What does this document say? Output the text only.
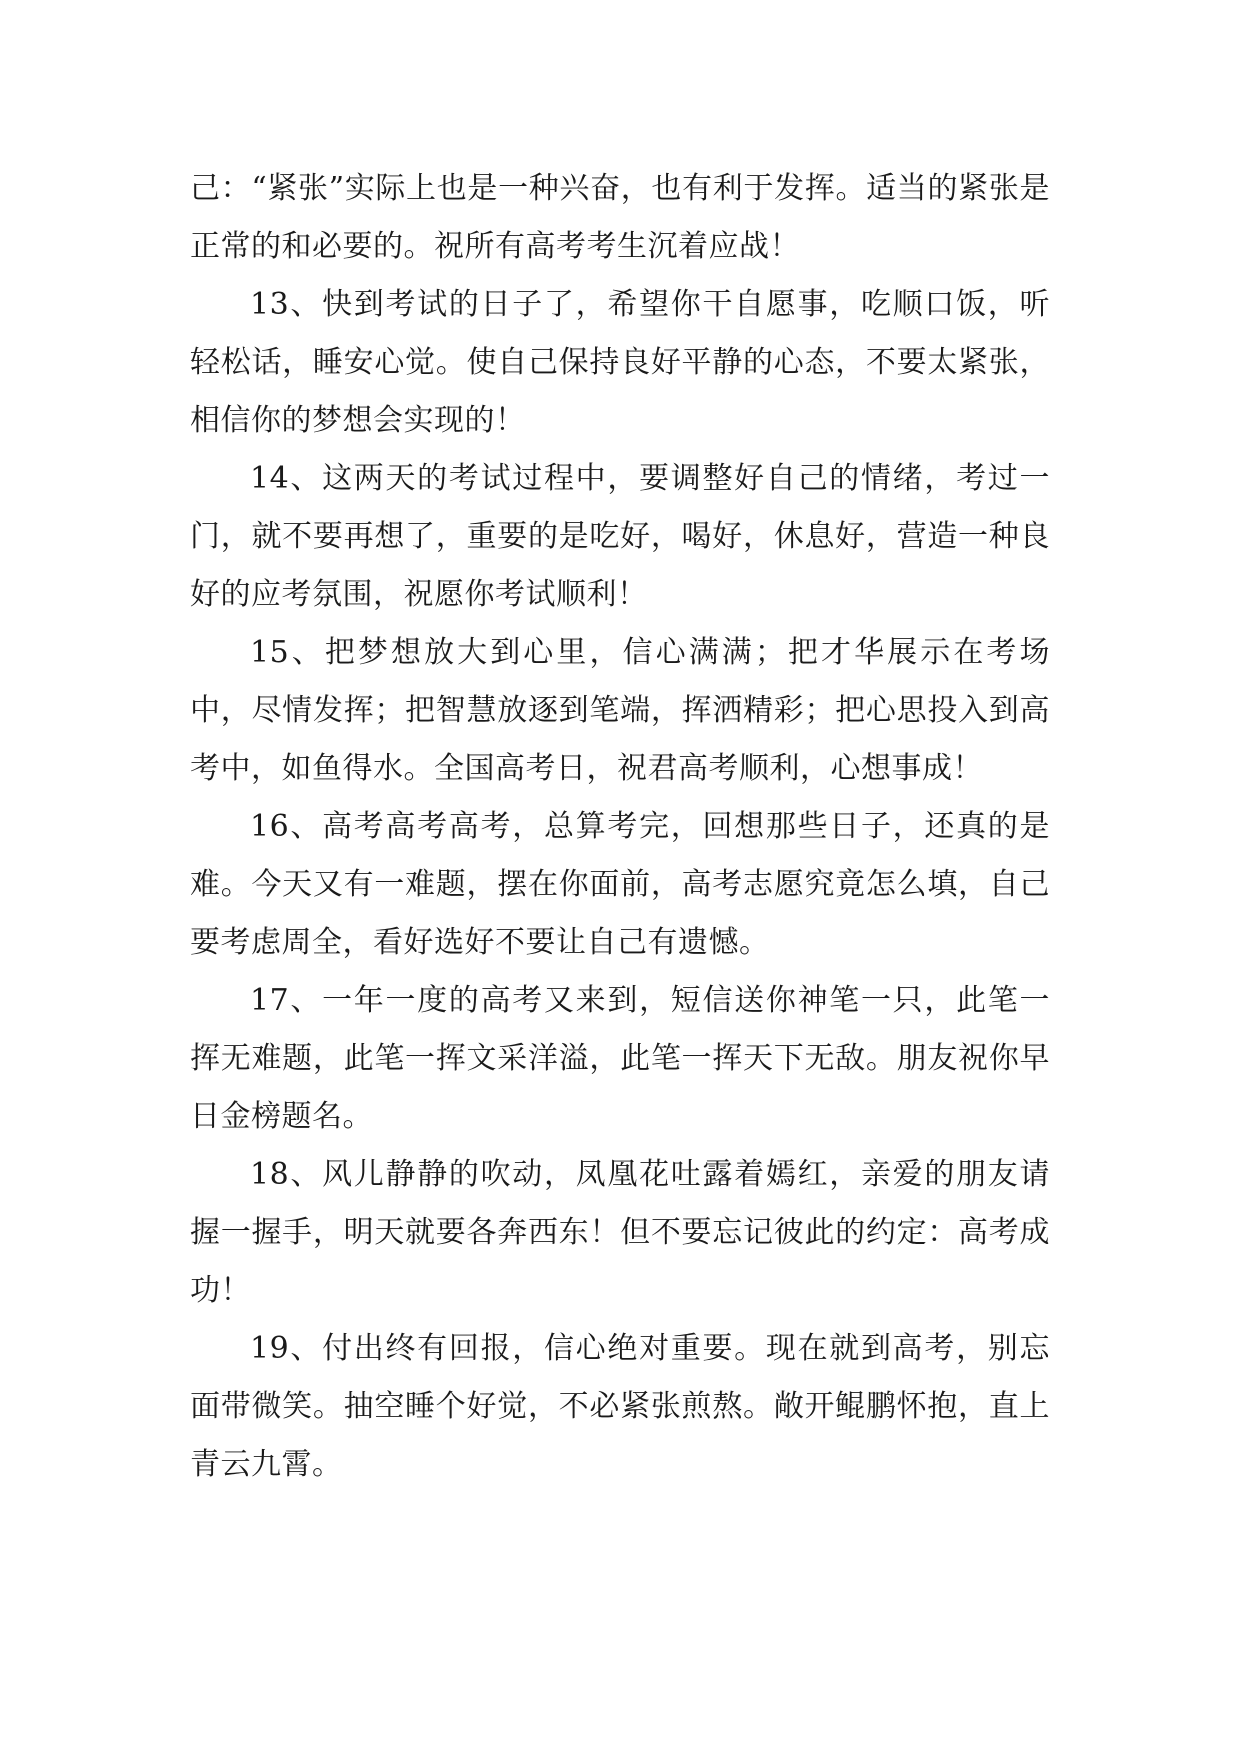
己：“紧张”实际上也是一种兴奋，也有利于发挥。适当的紧张是正常的和必要的。祝所有高考考生沉着应战！

13、快到考试的日子了，希望你干自愿事，吃顺口饭，听轻松话，睡安心觉。使自己保持良好平静的心态，不要太紧张，相信你的梦想会实现的！

14、这两天的考试过程中，要调整好自己的情绪，考过一门，就不要再想了，重要的是吃好，喝好，休息好，营造一种良好的应考氛围，祝愿你考试顺利！

15、把梦想放大到心里，信心满满；把才华展示在考场中，尽情发挥；把智慧放逐到笔端，挥洒精彩；把心思投入到高考中，如鱼得水。全国高考日，祝君高考顺利，心想事成！

16、高考高考高考，总算考完，回想那些日子，还真的是难。今天又有一难题，摆在你面前，高考志愿究竟怎么填，自己要考虑周全，看好选好不要让自己有遗憾。

17、一年一度的高考又来到，短信送你神笔一只，此笔一挥无难题，此笔一挥文采洋溢，此笔一挥天下无敌。朋友祝你早日金榜题名。

18、风儿静静的吹动，凤凰花吐露着嫣红，亲爱的朋友请握一握手，明天就要各奔西东！但不要忘记彼此的约定：高考成功！

19、付出终有回报，信心绝对重要。现在就到高考，别忘面带微笑。抽空睡个好觉，不必紧张煎熬。敞开鲲鹏怀抱，直上青云九霄。
